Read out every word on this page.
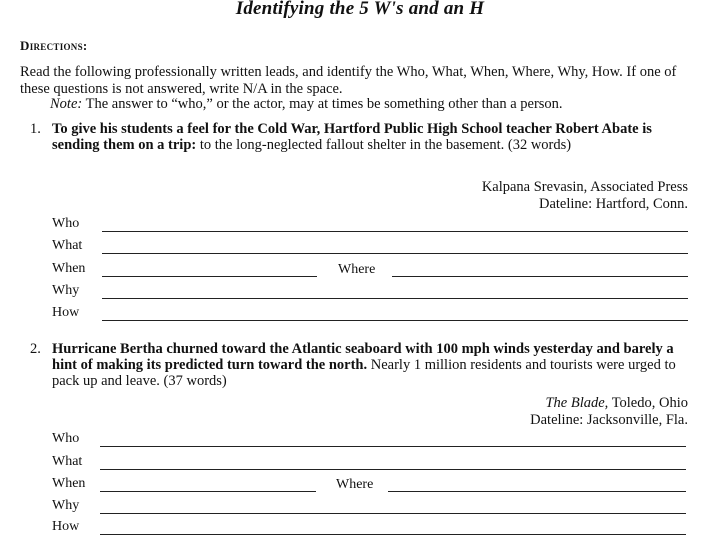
Identifying the 5 W's and an H
Directions:
Read the following professionally written leads, and identify the Who, What, When, Where, Why, How. If one of these questions is not answered, write N/A in the space.
Note: The answer to “who,” or the actor, may at times be something other than a person.
1. To give his students a feel for the Cold War, Hartford Public High School teacher Robert Abate is sending them on a trip: to the long-neglected fallout shelter in the basement. (32 words)
Kalpana Srevasin, Associated Press
Dateline: Hartford, Conn.
Who
What
When	Where
Why
How
2. Hurricane Bertha churned toward the Atlantic seaboard with 100 mph winds yesterday and barely a hint of making its predicted turn toward the north. Nearly 1 million residents and tourists were urged to pack up and leave. (37 words)
The Blade, Toledo, Ohio
Dateline: Jacksonville, Fla.
Who
What
When	Where
Why
How
